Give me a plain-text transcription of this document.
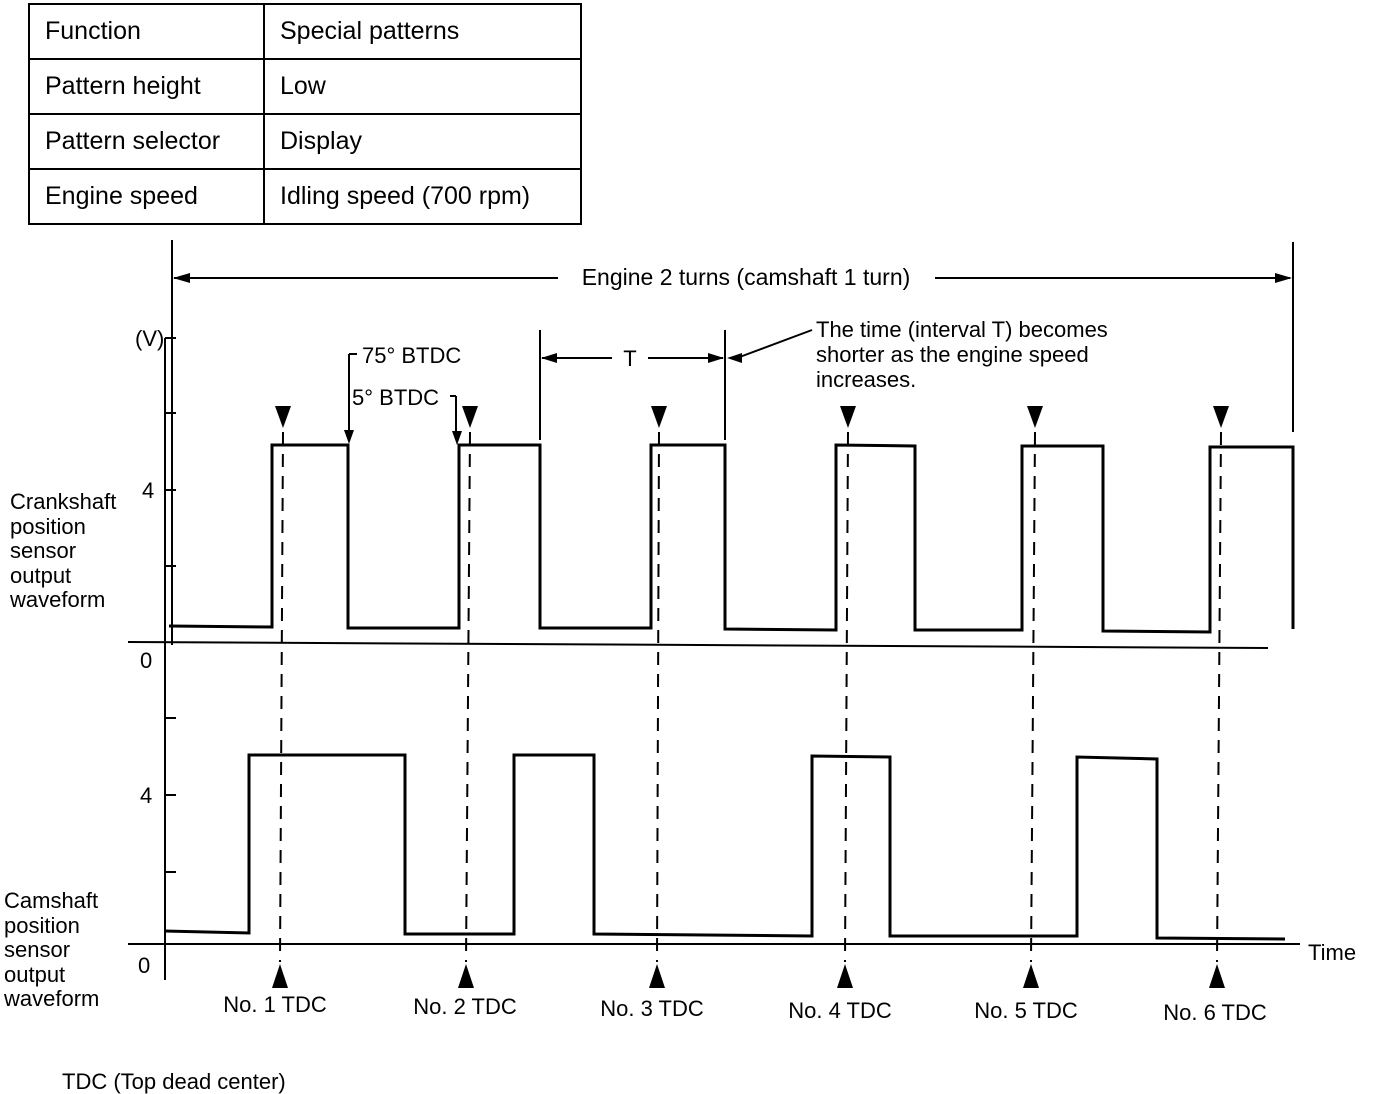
Function	Special patterns
Pattern height	Low
Pattern selector	Display
Engine speed	Idling speed (700 rpm)
Engine 2 turns (camshaft 1 turn)
(V)
4
0
4
0
Time
75° BTDC
5° BTDC
T
The time (interval T) becomes
shorter as the engine speed
increases.
No. 1 TDC	No. 2 TDC	No. 3 TDC	No. 4 TDC	No. 5 TDC	No. 6 TDC
Crankshaft
position
sensor
output
waveform
Camshaft
position
sensor
output
waveform
TDC (Top dead center)
